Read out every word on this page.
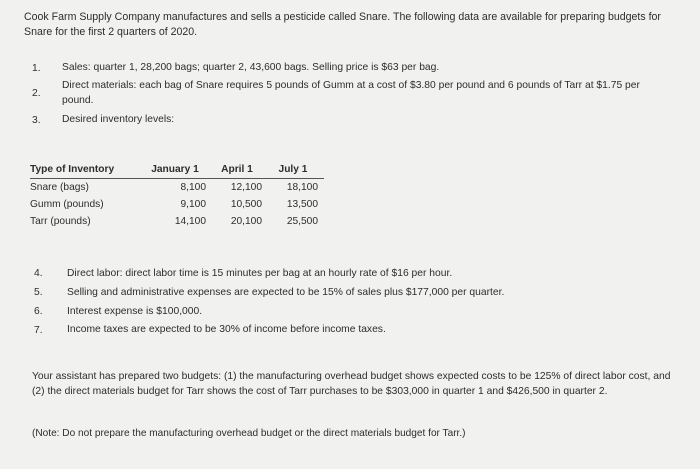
Cook Farm Supply Company manufactures and sells a pesticide called Snare. The following data are available for preparing budgets for Snare for the first 2 quarters of 2020.
1. Sales: quarter 1, 28,200 bags; quarter 2, 43,600 bags. Selling price is $63 per bag.
2.
Direct materials: each bag of Snare requires 5 pounds of Gumm at a cost of $3.80 per pound and 6 pounds of Tarr at $1.75 per pound.
3. Desired inventory levels:
Type of Inventory	January 1	April 1	July 1
Snare (bags)	8,100	12,100	18,100
Gumm (pounds)	9,100	10,500	13,500
Tarr (pounds)	14,100	20,100	25,500
4. Direct labor: direct labor time is 15 minutes per bag at an hourly rate of $16 per hour.
5. Selling and administrative expenses are expected to be 15% of sales plus $177,000 per quarter.
6. Interest expense is $100,000.
7. Income taxes are expected to be 30% of income before income taxes.
Your assistant has prepared two budgets: (1) the manufacturing overhead budget shows expected costs to be 125% of direct labor cost, and (2) the direct materials budget for Tarr shows the cost of Tarr purchases to be $303,000 in quarter 1 and $426,500 in quarter 2.
(Note: Do not prepare the manufacturing overhead budget or the direct materials budget for Tarr.)
